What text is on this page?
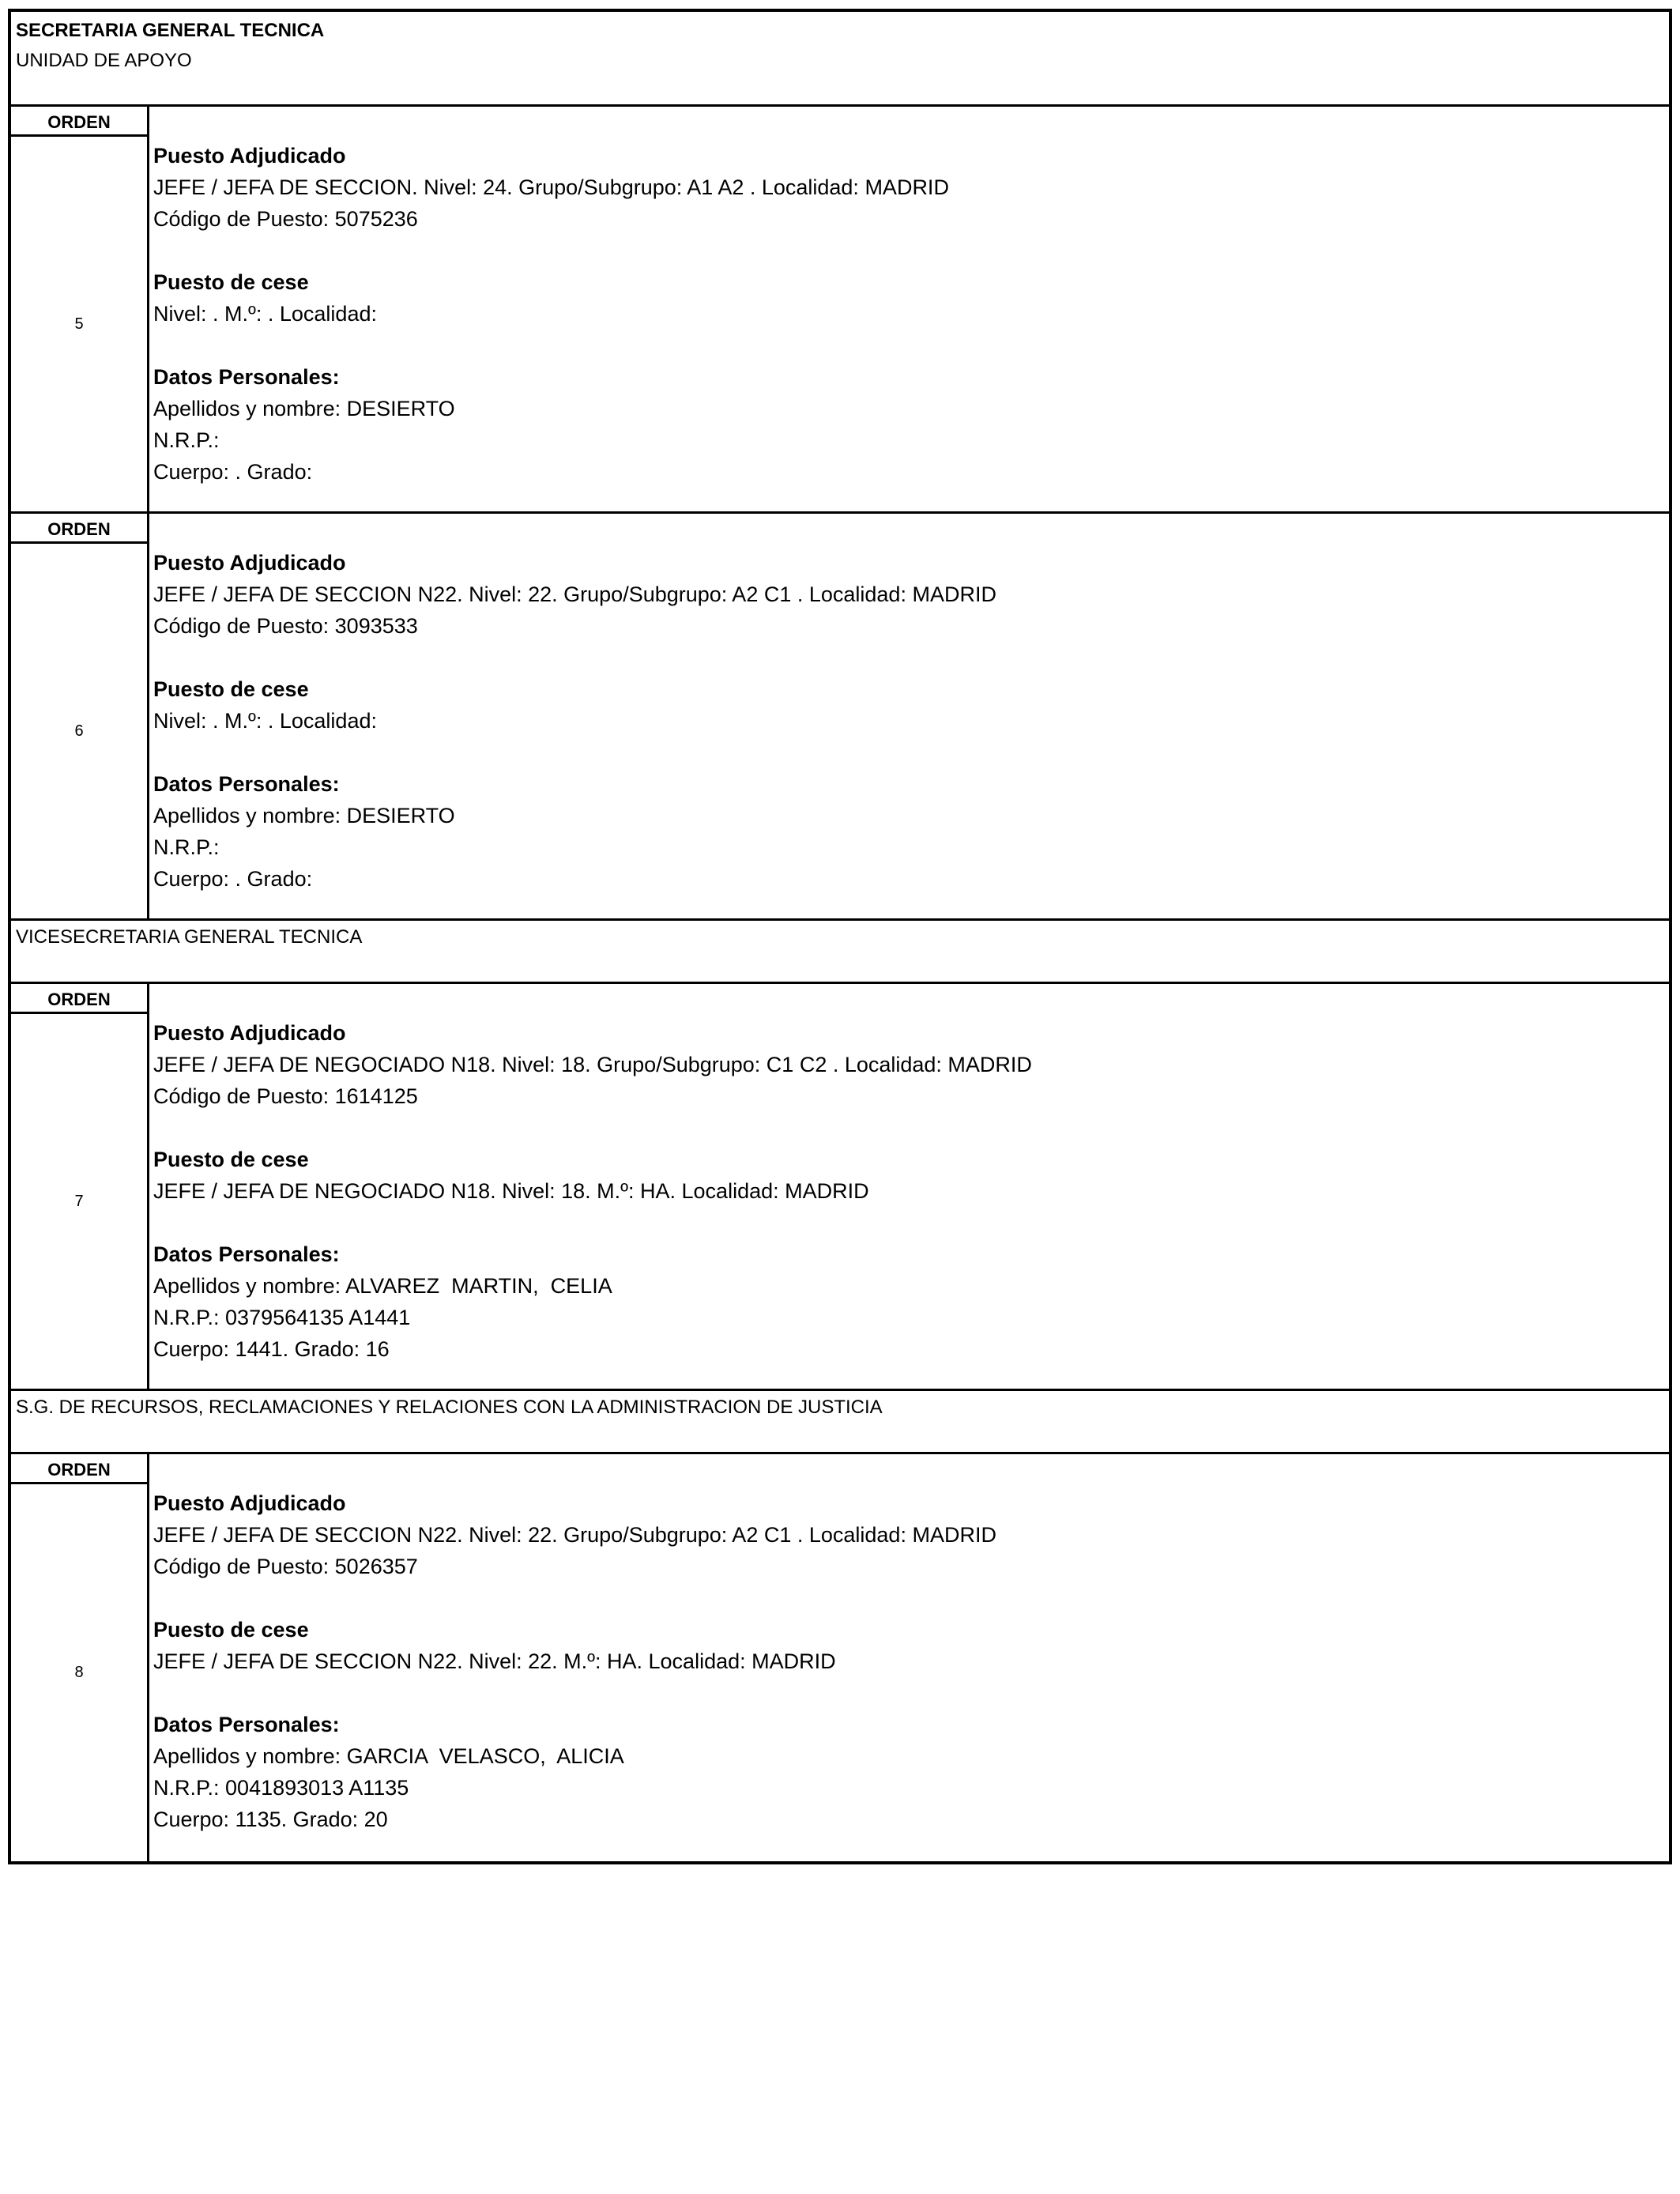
SECRETARIA GENERAL TECNICA
UNIDAD DE APOYO
ORDEN
5
Puesto Adjudicado
JEFE / JEFA DE SECCION. Nivel: 24. Grupo/Subgrupo: A1 A2 . Localidad: MADRID
Código de Puesto: 5075236
Puesto de cese
Nivel: . M.º: . Localidad:
Datos Personales:
Apellidos y nombre: DESIERTO
N.R.P.:
Cuerpo: . Grado:
ORDEN
6
Puesto Adjudicado
JEFE / JEFA DE SECCION N22. Nivel: 22. Grupo/Subgrupo: A2 C1 . Localidad: MADRID
Código de Puesto: 3093533
Puesto de cese
Nivel: . M.º: . Localidad:
Datos Personales:
Apellidos y nombre: DESIERTO
N.R.P.:
Cuerpo: . Grado:
VICESECRETARIA GENERAL TECNICA
ORDEN
7
Puesto Adjudicado
JEFE / JEFA DE NEGOCIADO N18. Nivel: 18. Grupo/Subgrupo: C1 C2 . Localidad: MADRID
Código de Puesto: 1614125
Puesto de cese
JEFE / JEFA DE NEGOCIADO N18. Nivel: 18. M.º: HA. Localidad: MADRID
Datos Personales:
Apellidos y nombre: ALVAREZ  MARTIN,  CELIA
N.R.P.: 0379564135 A1441
Cuerpo: 1441. Grado: 16
S.G. DE RECURSOS, RECLAMACIONES Y RELACIONES CON LA ADMINISTRACION DE JUSTICIA
ORDEN
8
Puesto Adjudicado
JEFE / JEFA DE SECCION N22. Nivel: 22. Grupo/Subgrupo: A2 C1 . Localidad: MADRID
Código de Puesto: 5026357
Puesto de cese
JEFE / JEFA DE SECCION N22. Nivel: 22. M.º: HA. Localidad: MADRID
Datos Personales:
Apellidos y nombre: GARCIA  VELASCO,  ALICIA
N.R.P.: 0041893013 A1135
Cuerpo: 1135. Grado: 20
